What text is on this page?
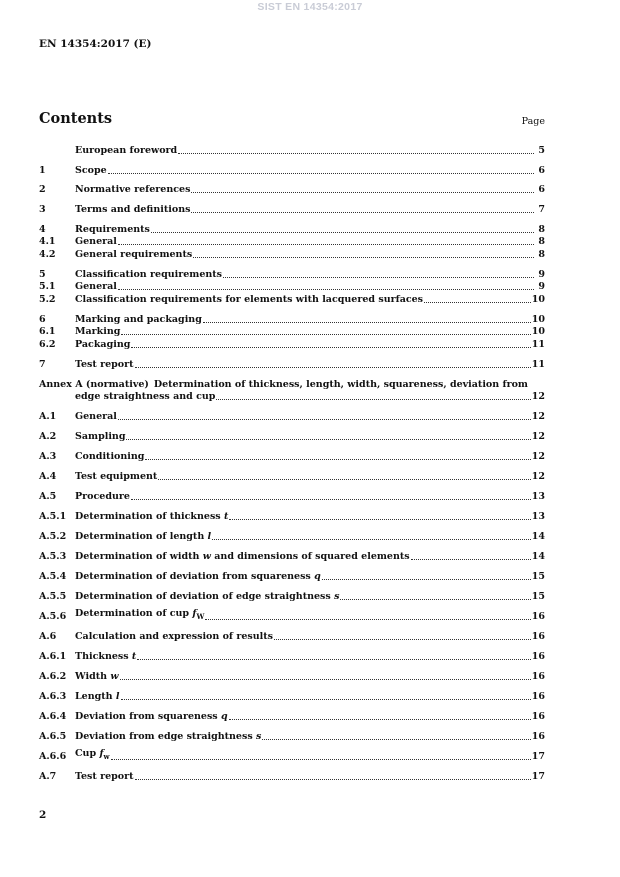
SIST EN 14354:2017
EN 14354:2017 (E)
Contents	Page
European foreword	5
1	Scope	6
2	Normative references	6
3	Terms and definitions	7
4	Requirements	8
4.1	General	8
4.2	General requirements	8
5	Classification requirements	9
5.1	General	9
5.2	Classification requirements for elements with lacquered surfaces	10
6	Marking and packaging	10
6.1	Marking	10
6.2	Packaging	11
7	Test report	11
Annex A (normative) Determination of thickness, length, width, squareness, deviation from
edge straightness and cup	12
A.1	General	12
A.2	Sampling	12
A.3	Conditioning	12
A.4	Test equipment	12
A.5	Procedure	13
A.5.1 Determination of thickness t	13
A.5.2 Determination of length l	14
A.5.3 Determination of width w and dimensions of squared elements	14
A.5.4 Determination of deviation from squareness q	15
A.5.5 Determination of deviation of edge straightness s	15
A.5.6 Determination of cup $f_W$	16
A.6	Calculation and expression of results	16
A.6.1 Thickness t	16
A.6.2 Width w	16
A.6.3 Length l	16
A.6.4 Deviation from squareness q	16
A.6.5 Deviation from edge straightness s	16
A.6.6 Cup $f_w$	17
A.7	Test report	17
2
